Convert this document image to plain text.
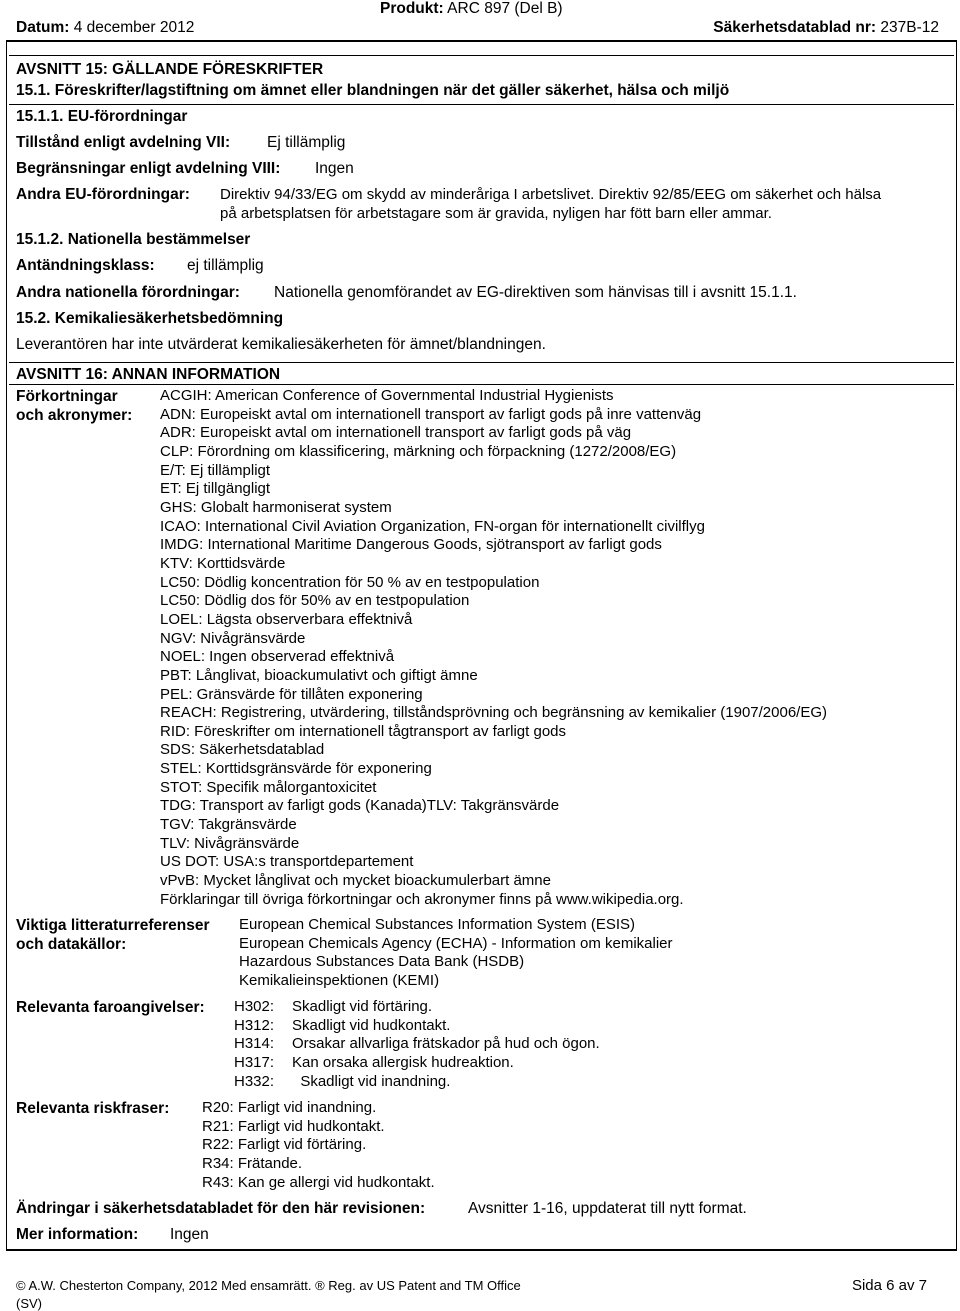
Datum: 4 december 2012
Produkt: ARC 897 (Del B)
Säkerhetsdatablad nr: 237B-12
AVSNITT 15: GÄLLANDE FÖRESKRIFTER
15.1. Föreskrifter/lagstiftning om ämnet eller blandningen när det gäller säkerhet, hälsa och miljö
15.1.1. EU-förordningar
Tillstånd enligt avdelning VII: Ej tillämplig
Begränsningar enligt avdelning VIII: Ingen
Andra EU-förordningar: Direktiv 94/33/EG om skydd av minderåriga I arbetslivet. Direktiv 92/85/EEG om säkerhet och hälsa
på arbetsplatsen för arbetstagare som är gravida, nyligen har fött barn eller ammar.
15.1.2. Nationella bestämmelser
Antändningsklass: ej tillämplig
Andra nationella förordningar: Nationella genomförandet av EG-direktiven som hänvisas till i avsnitt 15.1.1.
15.2. Kemikaliesäkerhetsbedömning
Leverantören har inte utvärderat kemikaliesäkerheten för ämnet/blandningen.
AVSNITT 16: ANNAN INFORMATION
Förkortningar
och akronymer:
ACGIH: American Conference of Governmental Industrial Hygienists
ADN: Europeiskt avtal om internationell transport av farligt gods på inre vattenväg
ADR: Europeiskt avtal om internationell transport av farligt gods på väg
CLP: Förordning om klassificering, märkning och förpackning (1272/2008/EG)
E/T: Ej tillämpligt
ET: Ej tillgängligt
GHS: Globalt harmoniserat system
ICAO: International Civil Aviation Organization, FN-organ för internationellt civilflyg
IMDG: International Maritime Dangerous Goods, sjötransport av farligt gods
KTV: Korttidsvärde
LC50: Dödlig koncentration för 50 % av en testpopulation
LC50: Dödlig dos för 50% av en testpopulation
LOEL: Lägsta observerbara effektnivå
NGV: Nivågränsvärde
NOEL: Ingen observerad effektnivå
PBT: Långlivat, bioackumulativt och giftigt ämne
PEL: Gränsvärde för tillåten exponering
REACH: Registrering, utvärdering, tillståndsprövning och begränsning av kemikalier (1907/2006/EG)
RID: Föreskrifter om internationell tågtransport av farligt gods
SDS: Säkerhetsdatablad
STEL: Korttidsgränsvärde för exponering
STOT: Specifik målorgantoxicitet
TDG: Transport av farligt gods (Kanada)TLV: Takgränsvärde
TGV: Takgränsvärde
TLV: Nivågränsvärde
US DOT: USA:s transportdepartement
vPvB: Mycket långlivat och mycket bioackumulerbart ämne
Förklaringar till övriga förkortningar och akronymer finns på www.wikipedia.org.
Viktiga litteraturreferenser
och datakällor:
European Chemical Substances Information System (ESIS)
European Chemicals Agency (ECHA) - Information om kemikalier
Hazardous Substances Data Bank (HSDB)
Kemikalieinspektionen (KEMI)
Relevanta faroangivelser: H302: Skadligt vid förtäring.
H312: Skadligt vid hudkontakt.
H314: Orsakar allvarliga frätskador på hud och ögon.
H317: Kan orsaka allergisk hudreaktion.
H332:  Skadligt vid inandning.
Relevanta riskfraser: R20: Farligt vid inandning.
R21: Farligt vid hudkontakt.
R22: Farligt vid förtäring.
R34: Frätande.
R43: Kan ge allergi vid hudkontakt.
Ändringar i säkerhetsdatabladet för den här revisionen:	Avsnitter 1-16, uppdaterat till nytt format.
Mer information: Ingen
© A.W. Chesterton Company, 2012 Med ensamrätt. ® Reg. av US Patent and TM Office
(SV)
Sida 6 av 7
